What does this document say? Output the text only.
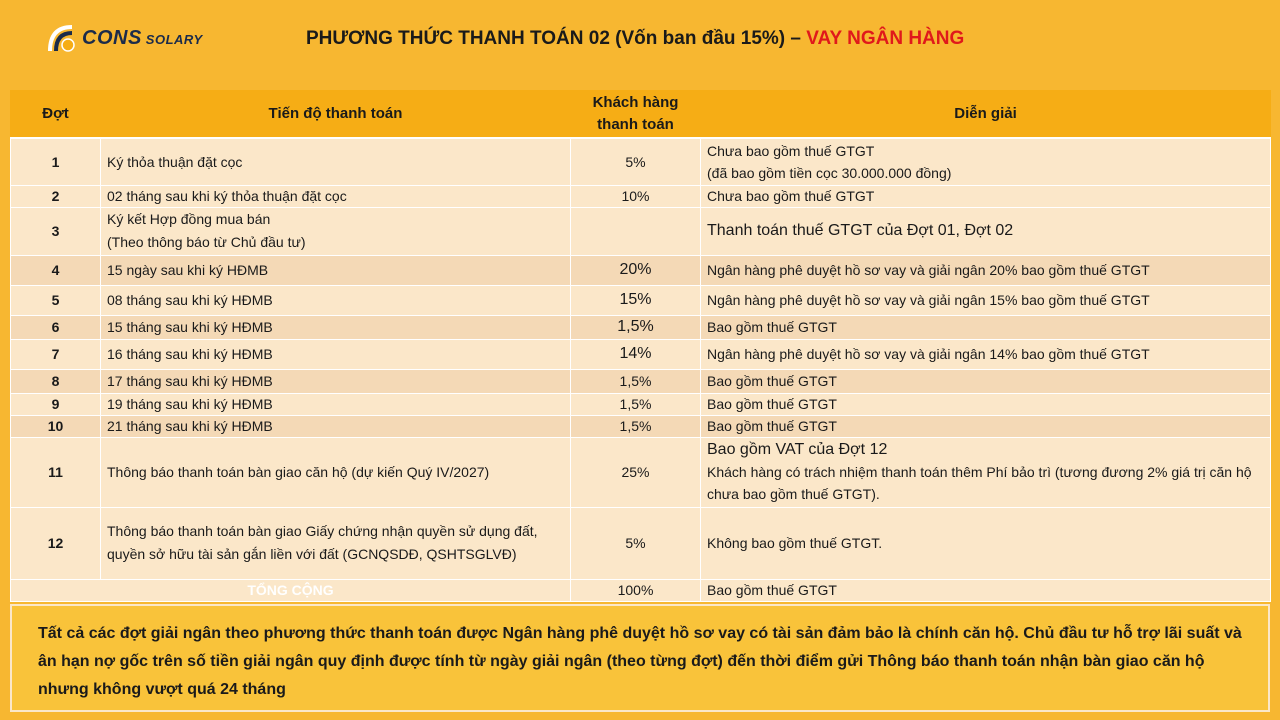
CONS SOLARY	PHƯƠNG THỨC THANH TOÁN 02 (Vốn ban đầu 15%) – VAY NGÂN HÀNG
Đợt	Tiến độ thanh toán	Khách hàng
thanh toán	Diễn giải
1	Ký thỏa thuận đặt cọc	5%	Chưa bao gồm thuế GTGT
(đã bao gồm tiền cọc 30.000.000 đồng)

2	02 tháng sau khi ký thỏa thuận đặt cọc	10%	Chưa bao gồm thuế GTGT
3	Ký kết Hợp đồng mua bán
(Theo thông báo từ Chủ đầu tư)		Thanh toán thuế GTGT của Đợt 01, Đợt 02
4	15 ngày sau khi ký HĐMB	20%	Ngân hàng phê duyệt hồ sơ vay và giải ngân 20% bao gồm thuế GTGT
5	08 tháng sau khi ký HĐMB	15%	Ngân hàng phê duyệt hồ sơ vay và giải ngân 15% bao gồm thuế GTGT
6	15 tháng sau khi ký HĐMB	1,5%	Bao gồm thuế GTGT
7	16 tháng sau khi ký HĐMB	14%	Ngân hàng phê duyệt hồ sơ vay và giải ngân 14% bao gồm thuế GTGT
8	17 tháng sau khi ký HĐMB	1,5%	Bao gồm thuế GTGT
9	19 tháng sau khi ký HĐMB	1,5%	Bao gồm thuế GTGT
10	21 tháng sau khi ký HĐMB	1,5%	Bao gồm thuế GTGT
11	Thông báo thanh toán bàn giao căn hộ (dự kiến Quý IV/2027)	25%	Bao gồm VAT của Đợt 12
Khách hàng có trách nhiệm thanh toán thêm Phí bảo trì (tương đương 2% giá trị căn hộ chưa bao gồm thuế GTGT).

12	Thông báo thanh toán bàn giao Giấy chứng nhận quyền sử dụng đất, quyền sở hữu tài sản gắn liền với đất (GCNQSDĐ, QSHTSGLVĐ)	5%	Không bao gồm thuế GTGT.
TỔNG CỘNG		100%	Bao gồm thuế GTGT
Tất cả các đợt giải ngân theo phương thức thanh toán được Ngân hàng phê duyệt hồ sơ vay có tài sản đảm bảo là chính căn hộ. Chủ đầu tư hỗ trợ lãi suất và ân hạn nợ gốc trên số tiền giải ngân quy định được tính từ ngày giải ngân (theo từng đợt) đến thời điểm gửi Thông báo thanh toán nhận bàn giao căn hộ nhưng không vượt quá 24 tháng
